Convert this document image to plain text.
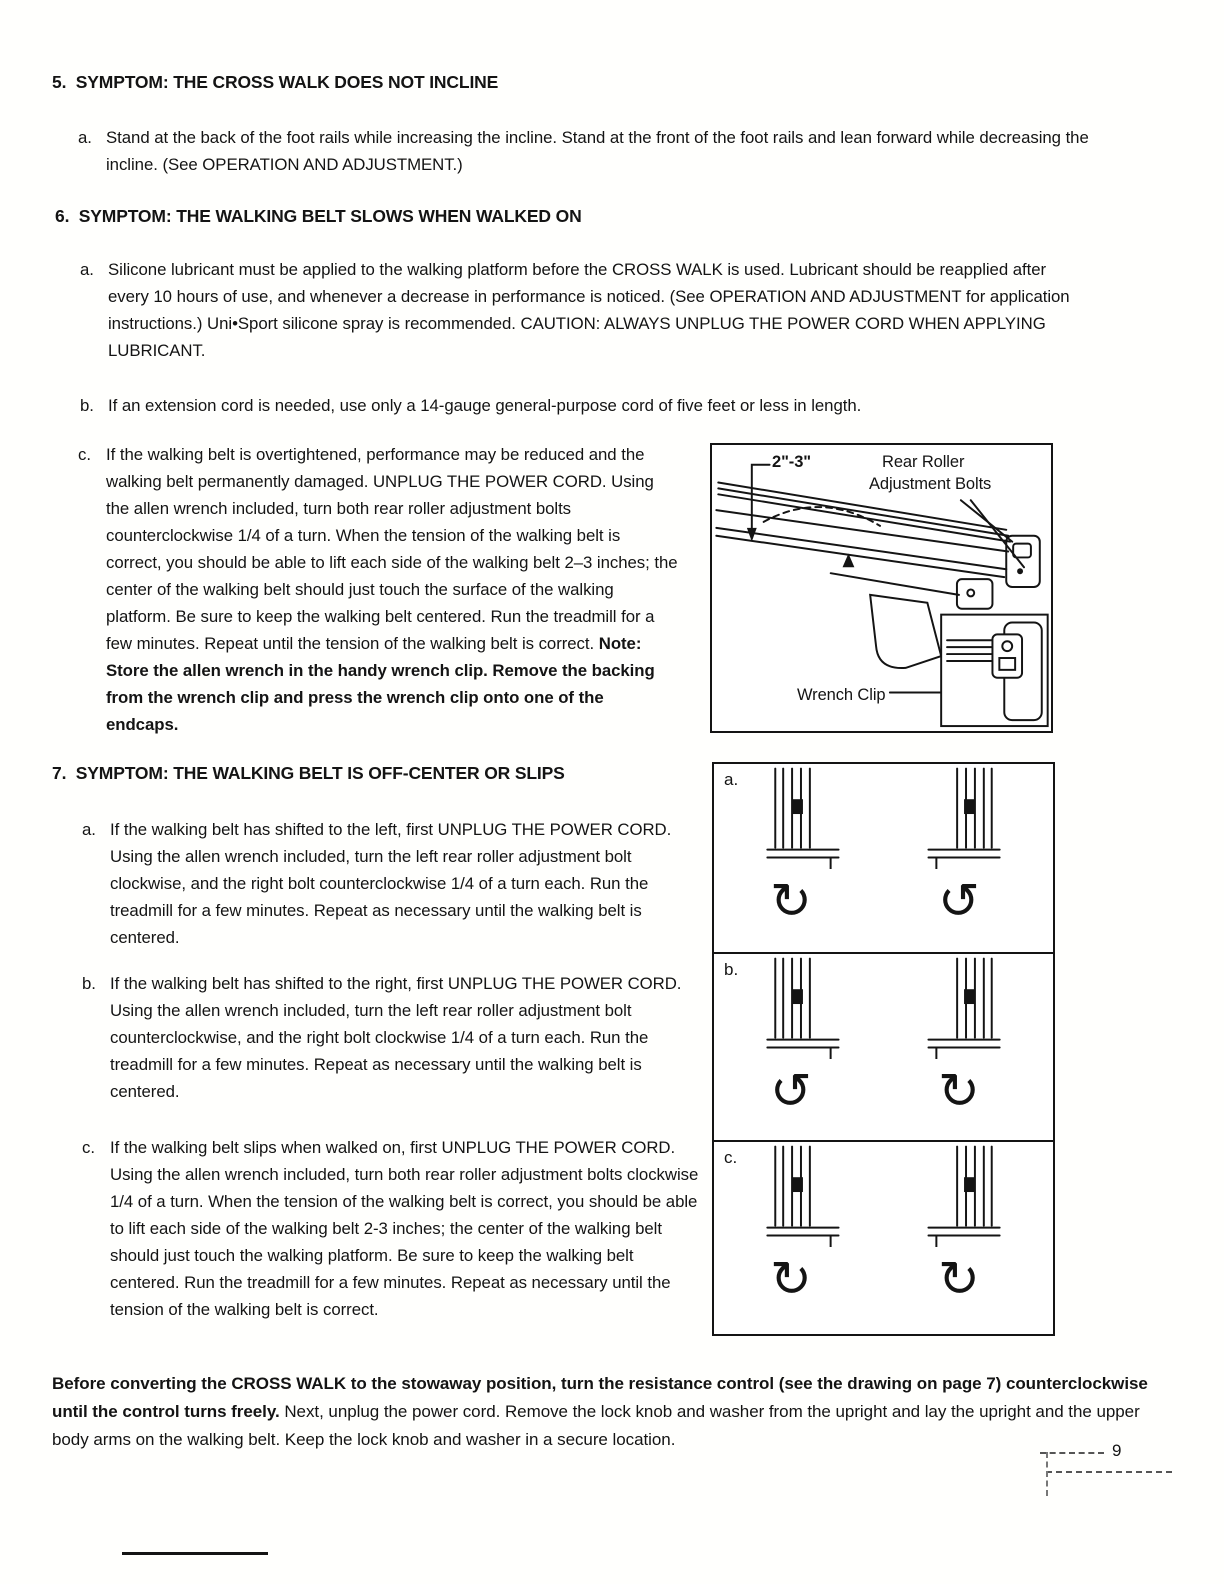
5.  SYMPTOM: THE CROSS WALK DOES NOT INCLINE
a. Stand at the back of the foot rails while increasing the incline. Stand at the front of the foot rails and lean forward while decreasing the incline. (See OPERATION AND ADJUSTMENT.)
6.  SYMPTOM: THE WALKING BELT SLOWS WHEN WALKED ON
a. Silicone lubricant must be applied to the walking platform before the CROSS WALK is used. Lubricant should be reapplied after every 10 hours of use, and whenever a decrease in performance is noticed. (See OPERATION AND ADJUSTMENT for application instructions.) Uni•Sport silicone spray is recommended. CAUTION: ALWAYS UNPLUG THE POWER CORD WHEN APPLYING LUBRICANT.
b. If an extension cord is needed, use only a 14-gauge general-purpose cord of five feet or less in length.
c. If the walking belt is overtightened, performance may be reduced and the walking belt permanently damaged. UNPLUG THE POWER CORD. Using the allen wrench included, turn both rear roller adjustment bolts counterclockwise 1/4 of a turn. When the tension of the walking belt is correct, you should be able to lift each side of the walking belt 2–3 inches; the center of the walking belt should just touch the surface of the walking platform. Be sure to keep the walking belt centered. Run the treadmill for a few minutes. Repeat until the tension of the walking belt is correct. Note: Store the allen wrench in the handy wrench clip. Remove the backing from the wrench clip and press the wrench clip onto one of the endcaps.
2"-3"	Rear Roller
Adjustment Bolts
Wrench Clip
7.  SYMPTOM: THE WALKING BELT IS OFF-CENTER OR SLIPS
a. If the walking belt has shifted to the left, first UNPLUG THE POWER CORD. Using the allen wrench included, turn the left rear roller adjustment bolt clockwise, and the right bolt counterclockwise 1/4 of a turn each. Run the treadmill for a few minutes. Repeat as necessary until the walking belt is centered.
b. If the walking belt has shifted to the right, first UNPLUG THE POWER CORD. Using the allen wrench included, turn the left rear roller adjustment bolt counterclockwise, and the right bolt clockwise 1/4 of a turn each. Run the treadmill for a few minutes. Repeat as necessary until the walking belt is centered.
c. If the walking belt slips when walked on, first UNPLUG THE POWER CORD. Using the allen wrench included, turn both rear roller adjustment bolts clockwise 1/4 of a turn. When the tension of the walking belt is correct, you should be able to lift each side of the walking belt 2-3 inches; the center of the walking belt should just touch the walking platform. Be sure to keep the walking belt centered. Run the treadmill for a few minutes. Repeat as necessary until the tension of the walking belt is correct.
a.
↻	↺
b.
↺	↻
c.
↻	↻
Before converting the CROSS WALK to the stowaway position, turn the resistance control (see the drawing on page 7) counterclockwise until the control turns freely. Next, unplug the power cord. Remove the lock knob and washer from the upright and lay the upright and the upper body arms on the walking belt. Keep the lock knob and washer in a secure location.
9
